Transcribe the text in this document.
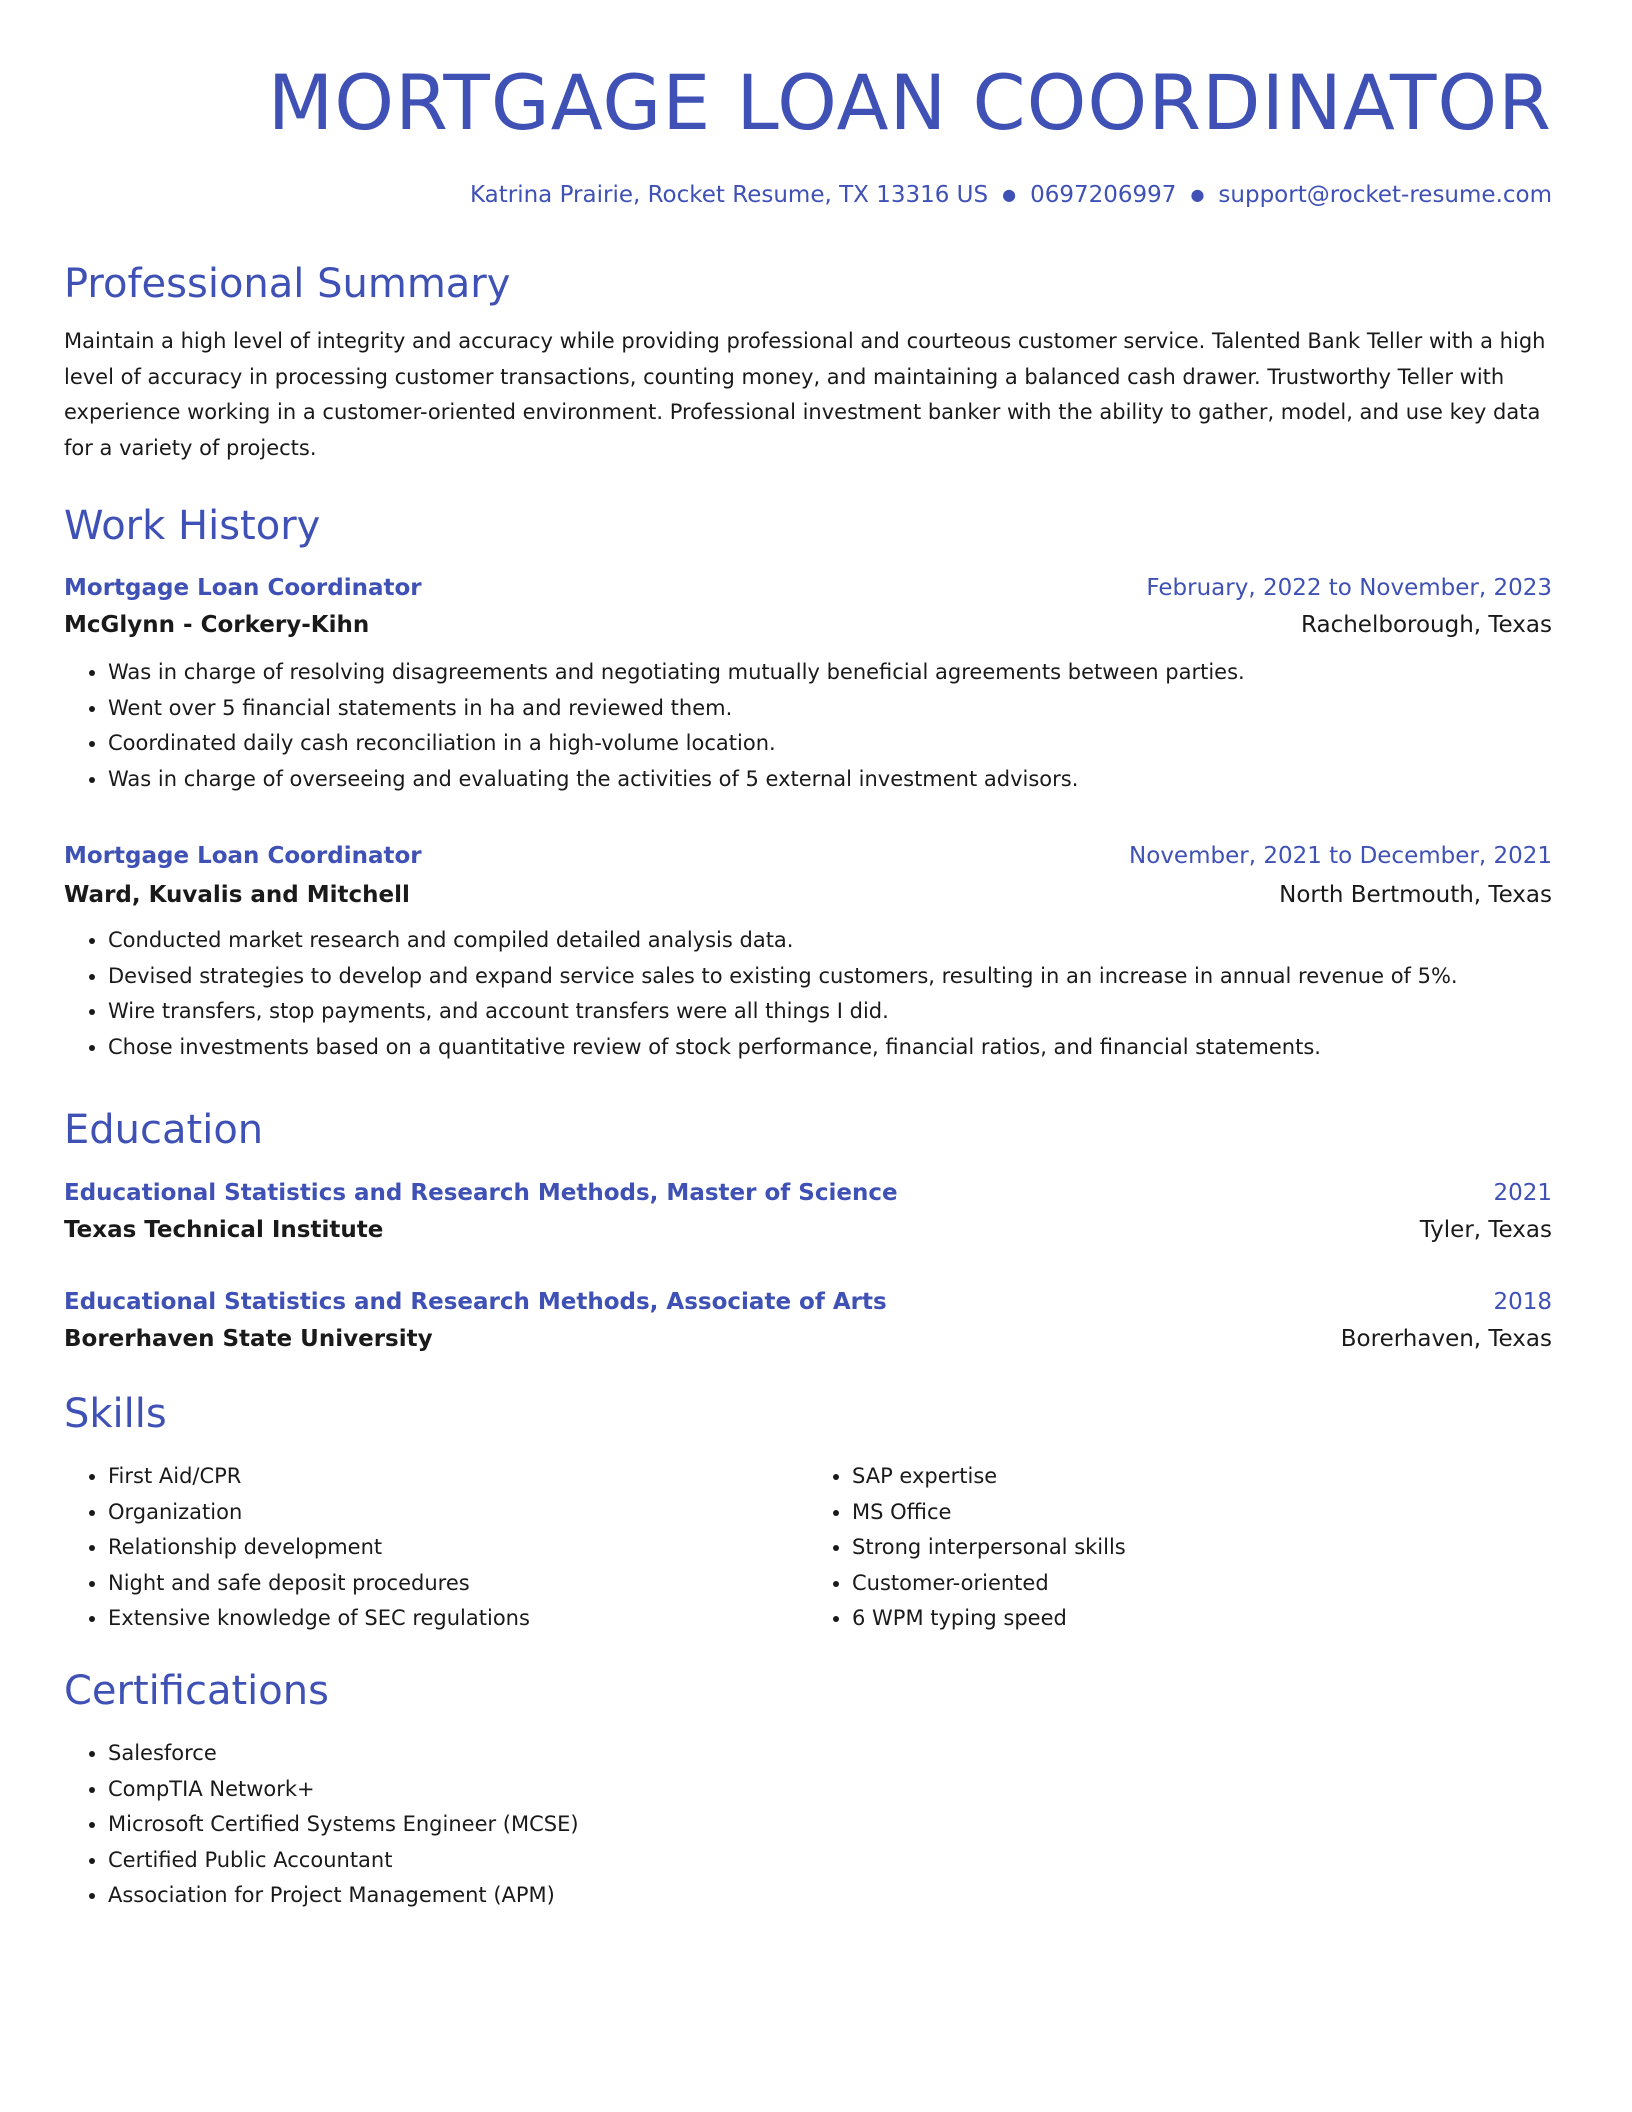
MORTGAGE LOAN COORDINATOR
Katrina Prairie, Rocket Resume, TX 13316 US ● 0697206997 ● support@rocket-resume.com
Professional Summary

Maintain a high level of integrity and accuracy while providing professional and courteous customer service. Talented Bank Teller with a high level of accuracy in processing customer transactions, counting money, and maintaining a balanced cash drawer. Trustworthy Teller with experience working in a customer-oriented environment. Professional investment banker with the ability to gather, model, and use key data for a variety of projects.

Work History
Mortgage Loan Coordinator	February, 2022 to November, 2023
McGlynn - Corkery-Kihn	Rachelborough, Texas
• Was in charge of resolving disagreements and negotiating mutually beneficial agreements between parties.
• Went over 5 financial statements in ha and reviewed them.
• Coordinated daily cash reconciliation in a high-volume location.
• Was in charge of overseeing and evaluating the activities of 5 external investment advisors.
Mortgage Loan Coordinator	November, 2021 to December, 2021
Ward, Kuvalis and Mitchell	North Bertmouth, Texas
• Conducted market research and compiled detailed analysis data.
• Devised strategies to develop and expand service sales to existing customers, resulting in an increase in annual revenue of 5%.
• Wire transfers, stop payments, and account transfers were all things I did.
• Chose investments based on a quantitative review of stock performance, financial ratios, and financial statements.
Education
Educational Statistics and Research Methods, Master of Science	2021
Texas Technical Institute	Tyler, Texas
Educational Statistics and Research Methods, Associate of Arts	2018
Borerhaven State University	Borerhaven, Texas
Skills
• First Aid/CPR
• Organization
• Relationship development
• Night and safe deposit procedures
• Extensive knowledge of SEC regulations
• SAP expertise
• MS Office
• Strong interpersonal skills
• Customer-oriented
• 6 WPM typing speed
Certifications
• Salesforce
• CompTIA Network+
• Microsoft Certified Systems Engineer (MCSE)
• Certified Public Accountant
• Association for Project Management (APM)
